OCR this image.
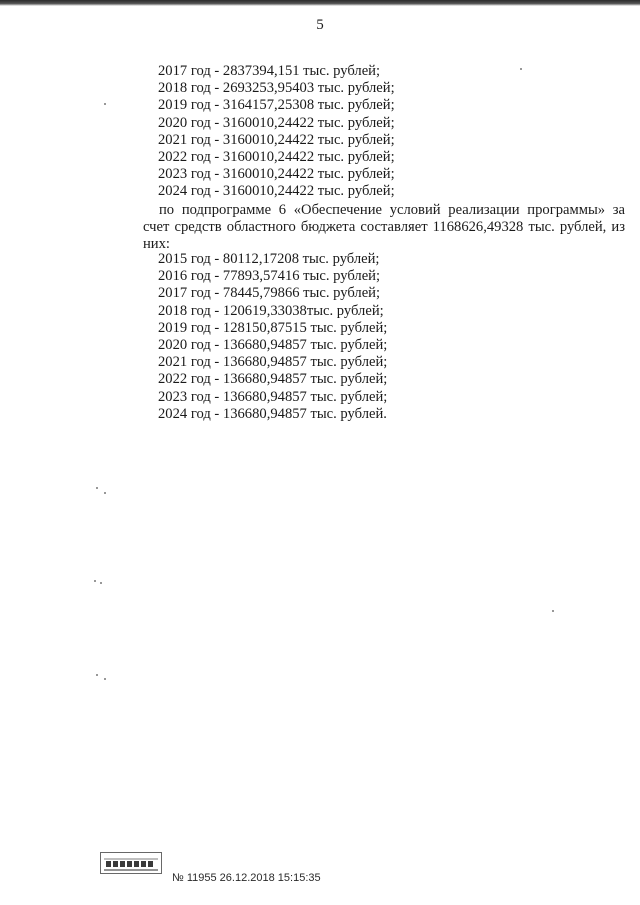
5
2017 год - 2837394,151 тыс. рублей;
2018 год - 2693253,95403 тыс. рублей;
2019 год - 3164157,25308 тыс. рублей;
2020 год - 3160010,24422 тыс. рублей;
2021 год - 3160010,24422 тыс. рублей;
2022 год - 3160010,24422 тыс. рублей;
2023 год - 3160010,24422 тыс. рублей;
2024 год - 3160010,24422 тыс. рублей;

по подпрограмме 6 «Обеспечение условий реализации программы» за счет средств областного бюджета составляет 1168626,49328 тыс. рублей, из них:

2015 год - 80112,17208 тыс. рублей;
2016 год - 77893,57416 тыс. рублей;
2017 год - 78445,79866 тыс. рублей;
2018 год - 120619,33038тыс. рублей;
2019 год - 128150,87515 тыс. рублей;
2020 год - 136680,94857 тыс. рублей;
2021 год - 136680,94857 тыс. рублей;
2022 год - 136680,94857 тыс. рублей;
2023 год - 136680,94857 тыс. рублей;
2024 год - 136680,94857 тыс. рублей.
№ 11955 26.12.2018 15:15:35
